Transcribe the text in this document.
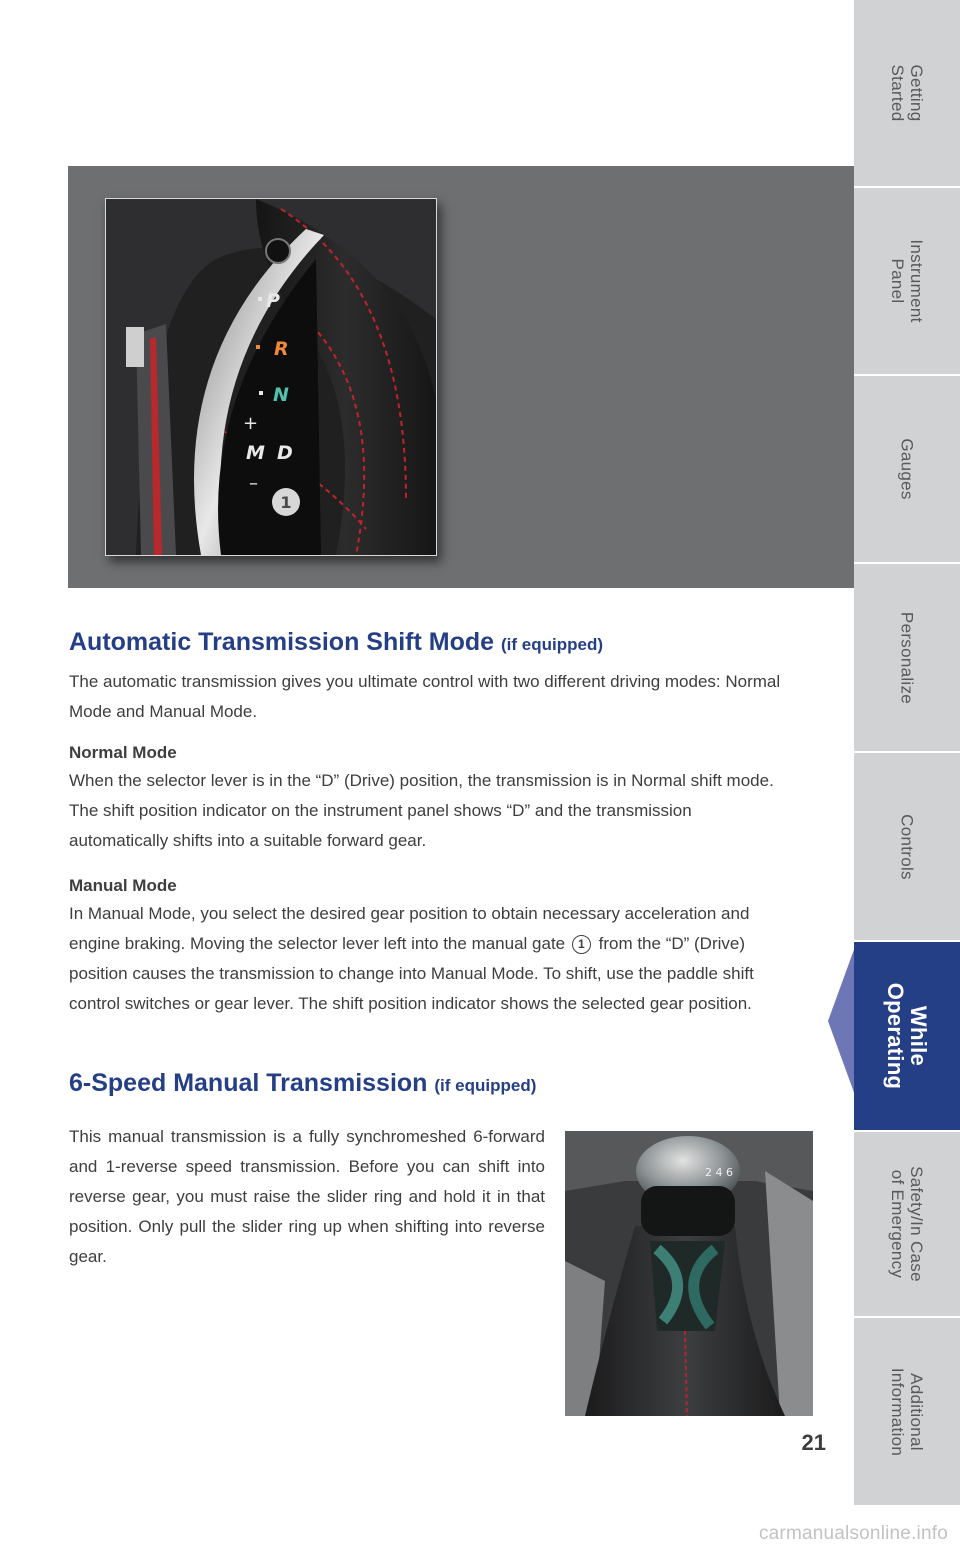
P
R
N
+
M D
–
1
Automatic Transmission Shift Mode (if equipped)

The automatic transmission gives you ultimate control with two different driving modes: Normal Mode and Manual Mode.

Normal Mode

When the selector lever is in the “D” (Drive) position, the transmission is in Normal shift mode. The shift position indicator on the instrument panel shows “D” and the transmission automatically shifts into a suitable forward gear.

Manual Mode

In Manual Mode, you select the desired gear position to obtain necessary acceleration and engine braking. Moving the selector lever left into the manual gate 1 from the “D” (Drive) position causes the transmission to change into Manual Mode. To shift, use the paddle shift control switches or gear lever. The shift position indicator shows the selected gear position.

6-Speed Manual Transmission (if equipped)

This manual transmission is a fully synchromeshed 6-forward and 1-reverse speed transmission. Before you can shift into reverse gear, you must raise the slider ring and hold it in that position. Only pull the slider ring up when shifting into reverse gear.

2 4 6
21
Getting
Started
Instrument
Panel
Gauges
Personalize
Controls
While
Operating
Safety/In Case
of Emergency
Additional
Information
carmanualsonline.info
